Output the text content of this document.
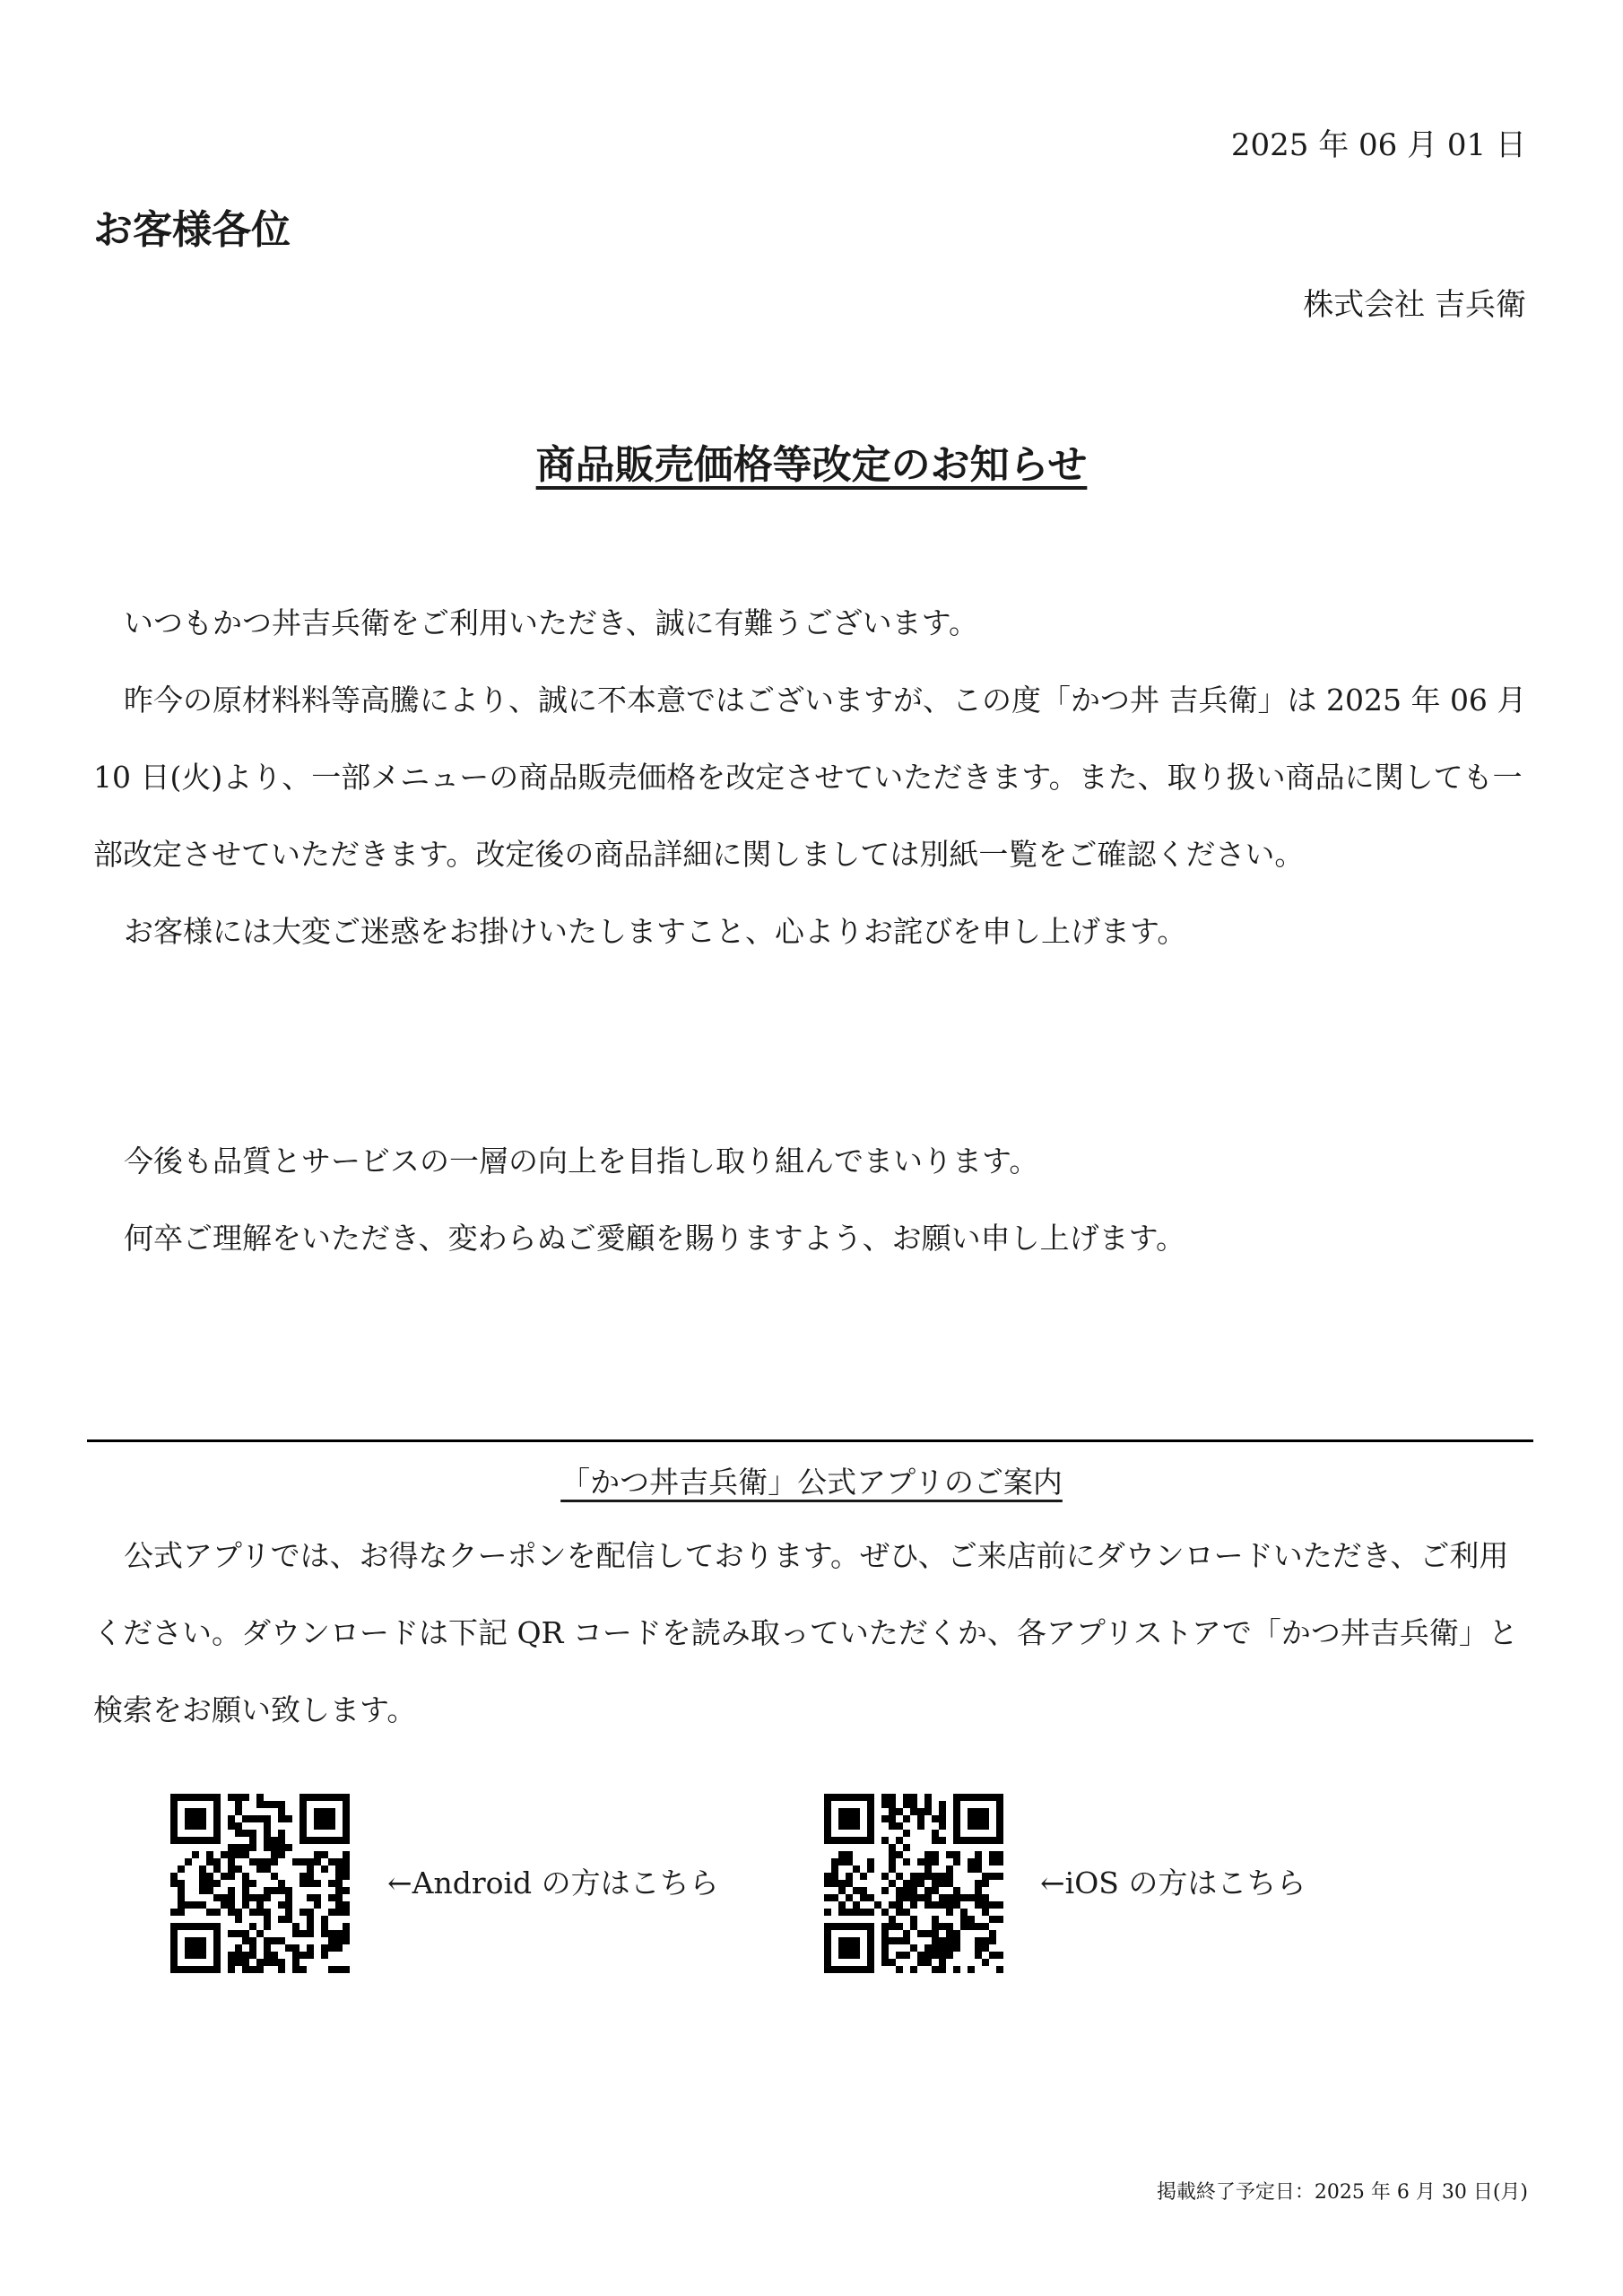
2025 年 06 月 01 日
お客様各位
株式会社 吉兵衛
商品販売価格等改定のお知らせ

いつもかつ丼吉兵衛をご利用いただき、誠に有難うございます。

昨今の原材料料等高騰により、誠に不本意ではございますが、この度「かつ丼 吉兵衛」は 2025 年 06 月 10 日(火)より、一部メニューの商品販売価格を改定させていただきます。また、取り扱い商品に関しても一部改定させていただきます。改定後の商品詳細に関しましては別紙一覧をご確認ください。

お客様には大変ご迷惑をお掛けいたしますこと、心よりお詫びを申し上げます。

今後も品質とサービスの一層の向上を目指し取り組んでまいります。

何卒ご理解をいただき、変わらぬご愛顧を賜りますよう、お願い申し上げます。

「かつ丼吉兵衛」公式アプリのご案内

公式アプリでは、お得なクーポンを配信しております。ぜひ、ご来店前にダウンロードいただき、ご利用ください。ダウンロードは下記 QR コードを読み取っていただくか、各アプリストアで「かつ丼吉兵衛」と検索をお願い致します。

←Android の方はこちら	←iOS の方はこちら
掲載終了予定日：2025 年 6 月 30 日(月)
